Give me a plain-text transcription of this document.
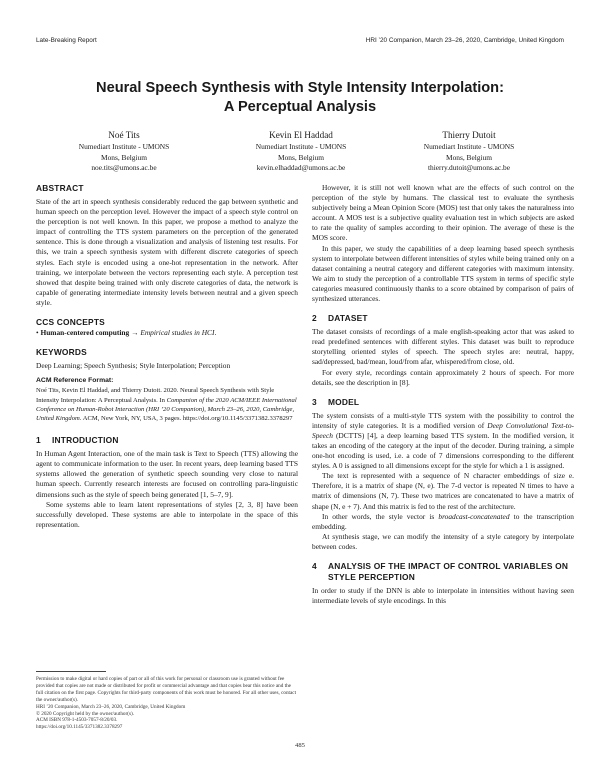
Late-Breaking Report	HRI ’20 Companion, March 23–26, 2020, Cambridge, United Kingdom
Neural Speech Synthesis with Style Intensity Interpolation:
A Perceptual Analysis
Noé Tits
Numediart Institute - UMONS
Mons, Belgium
noe.tits@umons.ac.be
Kevin El Haddad
Numediart Institute - UMONS
Mons, Belgium
kevin.elhaddad@umons.ac.be
Thierry Dutoit
Numediart Institute - UMONS
Mons, Belgium
thierry.dutoit@umons.ac.be
ABSTRACT

State of the art in speech synthesis considerably reduced the gap between synthetic and human speech on the perception level. However the impact of a speech style control on the perception is not well known. In this paper, we propose a method to analyze the impact of controlling the TTS system parameters on the perception of the generated sentence. This is done through a visualization and analysis of listening test results. For this, we train a speech synthesis system with different discrete categories of speech styles. Each style is encoded using a one-hot representation in the network. After training, we interpolate between the vectors representing each style. A perception test showed that despite being trained with only discrete categories of data, the network is capable of generating intermediate intensity levels between neutral and a given speech style.

CCS CONCEPTS

• Human-centered computing → Empirical studies in HCI.

KEYWORDS

Deep Learning; Speech Synthesis; Style Interpolation; Perception

ACM Reference Format:

Noé Tits, Kevin El Haddad, and Thierry Dutoit. 2020. Neural Speech Synthesis with Style Intensity Interpolation: A Perceptual Analysis. In Companion of the 2020 ACM/IEEE International Conference on Human-Robot Interaction (HRI ’20 Companion), March 23–26, 2020, Cambridge, United Kingdom. ACM, New York, NY, USA, 3 pages. https://doi.org/10.1145/3371382.3378297

1 INTRODUCTION

In Human Agent Interaction, one of the main task is Text to Speech (TTS) allowing the agent to communicate information to the user. In recent years, deep learning based TTS systems allowed the generation of synthetic speech sounding very close to natural human speech. Currently research interests are focused on controlling para-linguistic dimensions such as the style of speech being generated [1, 5–7, 9].

Some systems able to learn latent representations of styles [2, 3, 8] have been successfully developed. These systems are able to interpolate in the space of this representation.

Permission to make digital or hard copies of part or all of this work for personal or classroom use is granted without fee provided that copies are not made or distributed for profit or commercial advantage and that copies bear this notice and the full citation on the first page. Copyrights for third-party components of this work must be honored. For all other uses, contact the owner/author(s).
HRI ’20 Companion, March 23–26, 2020, Cambridge, United Kingdom
© 2020 Copyright held by the owner/author(s).
ACM ISBN 978-1-4503-7057-8/20/03.
https://doi.org/10.1145/3371382.3378297

However, it is still not well known what are the effects of such control on the perception of the style by humans. The classical test to evaluate the synthesis subjectively being a Mean Opinion Score (MOS) test that only takes the naturalness into account. A MOS test is a subjective quality evaluation test in which subjects are asked to rate the quality of samples according to their opinion. The average of these is the MOS score.

In this paper, we study the capabilities of a deep learning based speech synthesis system to interpolate between different intensities of styles while being trained only on a dataset containing a neutral category and different categories with maximum intensity. We aim to study the perception of a controllable TTS system in terms of specific style categories measured continuously thanks to a score obtained by comparison of pairs of synthesized utterances.

2 DATASET

The dataset consists of recordings of a male english-speaking actor that was asked to read predefined sentences with different styles. This dataset was built to reproduce storytelling oriented styles of speech. The speech styles are: neutral, happy, sad/depressed, bad/mean, loud/from afar, whispered/from close, old.

For every style, recordings contain approximately 2 hours of speech. For more details, see the description in [8].

3 MODEL

The system consists of a multi-style TTS system with the possibility to control the intensity of style categories. It is a modified version of Deep Convolutional Text-to-Speech (DCTTS) [4], a deep learning based TTS system. In the modified version, it takes an encoding of the category at the input of the decoder. During training, a simple one-hot encoding is used, i.e. a code of 7 dimensions corresponding to the different styles. A 0 is assigned to all dimensions except for the style for which a 1 is assigned.

The text is represented with a sequence of N character embeddings of size e. Therefore, it is a matrix of shape (N, e). The 7-d vector is repeated N times to have a matrix of dimensions (N, 7). These two matrices are concatenated to have a matrix of shape (N, e + 7). And this matrix is fed to the rest of the architecture.

In other words, the style vector is broadcast-concatenated to the transcription embedding.

At synthesis stage, we can modify the intensity of a style category by interpolate between codes.

4	ANALYSIS OF THE IMPACT OF CONTROL VARIABLES ON STYLE PERCEPTION

In order to study if the DNN is able to interpolate in intensities without having seen intermediate levels of style encodings. In this

485
